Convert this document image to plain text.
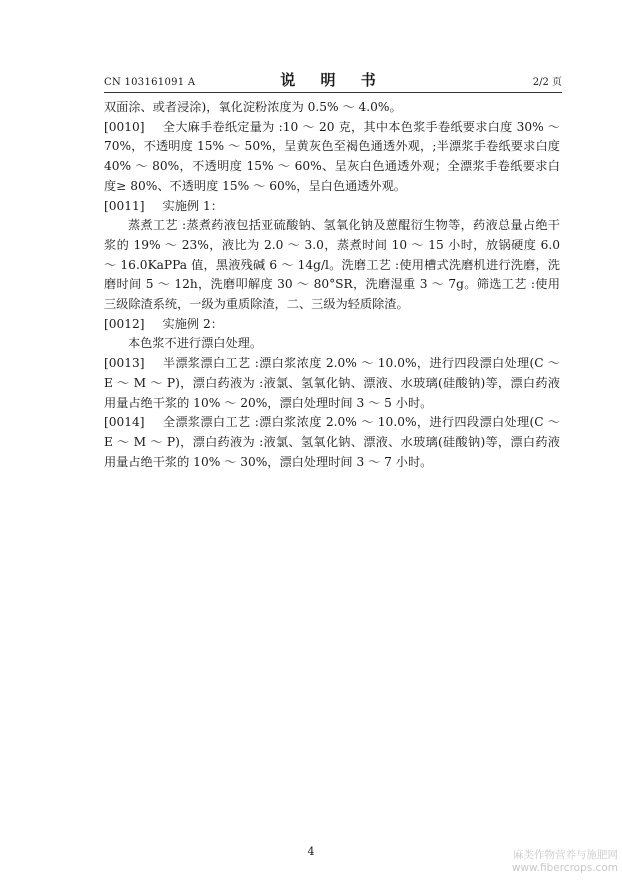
CN 103161091 A	说 明 书	2/2 页

双面涂、或者浸涂)，氧化淀粉浓度为 0.5% ～ 4.0%。

[0010] 全大麻手卷纸定量为 :10 ～ 20 克，其中本色浆手卷纸要求白度 30% ～ 70%，不透明度 15% ～ 50%，呈黄灰色至褐色通透外观，;半漂浆手卷纸要求白度 40% ～ 80%，不透明度 15% ～ 60%、呈灰白色通透外观；全漂浆手卷纸要求白度≥ 80%、不透明度 15% ～ 60%，呈白色通透外观。

[0011] 实施例 1：

蒸煮工艺 :蒸煮药液包括亚硫酸钠、氢氧化钠及蒽醌衍生物等，药液总量占绝干浆的 19% ～ 23%，液比为 2.0 ～ 3.0，蒸煮时间 10 ～ 15 小时，放锅硬度 6.0 ～ 16.0KaPPa 值，黑液残碱 6 ～ 14g/l。洗磨工艺 :使用槽式洗磨机进行洗磨，洗磨时间 5 ～ 12h，洗磨叩解度 30 ～ 80°SR，洗磨湿重 3 ～ 7g。筛选工艺 :使用三级除渣系统，一级为重质除渣，二、三级为轻质除渣。

[0012] 实施例 2：

本色浆不进行漂白处理。

[0013] 半漂浆漂白工艺 :漂白浆浓度 2.0% ～ 10.0%，进行四段漂白处理(C ～ E ～ M ～ P)，漂白药液为 :液氯、氢氧化钠、漂液、水玻璃(硅酸钠)等，漂白药液用量占绝干浆的 10% ～ 20%，漂白处理时间 3 ～ 5 小时。

[0014] 全漂浆漂白工艺 :漂白浆浓度 2.0% ～ 10.0%，进行四段漂白处理(C ～ E ～ M ～ P)，漂白药液为 :液氯、氢氧化钠、漂液、水玻璃(硅酸钠)等，漂白药液用量占绝干浆的 10% ～ 30%，漂白处理时间 3 ～ 7 小时。

4	麻类作物营养与施肥网
www.fibercrops.com
